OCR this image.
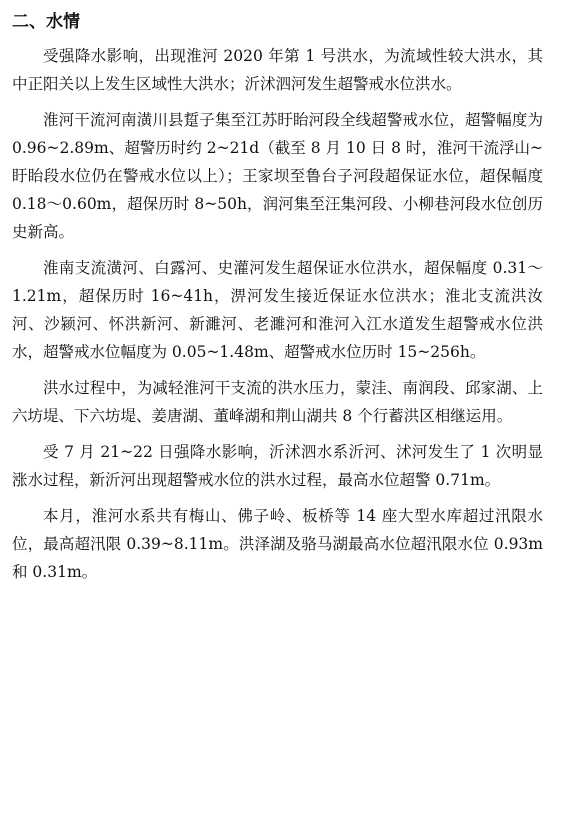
二、水情

受强降水影响，出现淮河 2020 年第 1 号洪水，为流域性较大洪水，其中正阳关以上发生区域性大洪水；沂沭泗河发生超警戒水位洪水。

淮河干流河南潢川县踅子集至江苏盱眙河段全线超警戒水位，超警幅度为 0.96~2.89m、超警历时约 2~21d（截至 8 月 10 日 8 时，淮河干流浮山~盱眙段水位仍在警戒水位以上）；王家坝至鲁台子河段超保证水位，超保幅度 0.18～0.60m，超保历时 8~50h，润河集至汪集河段、小柳巷河段水位创历史新高。

淮南支流潢河、白露河、史灌河发生超保证水位洪水，超保幅度 0.31～1.21m，超保历时 16~41h，淠河发生接近保证水位洪水；淮北支流洪汝河、沙颍河、怀洪新河、新濉河、老濉河和淮河入江水道发生超警戒水位洪水，超警戒水位幅度为 0.05~1.48m、超警戒水位历时 15~256h。

洪水过程中，为减轻淮河干支流的洪水压力，蒙洼、南润段、邱家湖、上六坊堤、下六坊堤、姜唐湖、董峰湖和荆山湖共 8 个行蓄洪区相继运用。

受 7 月 21~22 日强降水影响，沂沭泗水系沂河、沭河发生了 1 次明显涨水过程，新沂河出现超警戒水位的洪水过程，最高水位超警 0.71m。

本月，淮河水系共有梅山、佛子岭、板桥等 14 座大型水库超过汛限水位，最高超汛限 0.39~8.11m。洪泽湖及骆马湖最高水位超汛限水位 0.93m 和 0.31m。
